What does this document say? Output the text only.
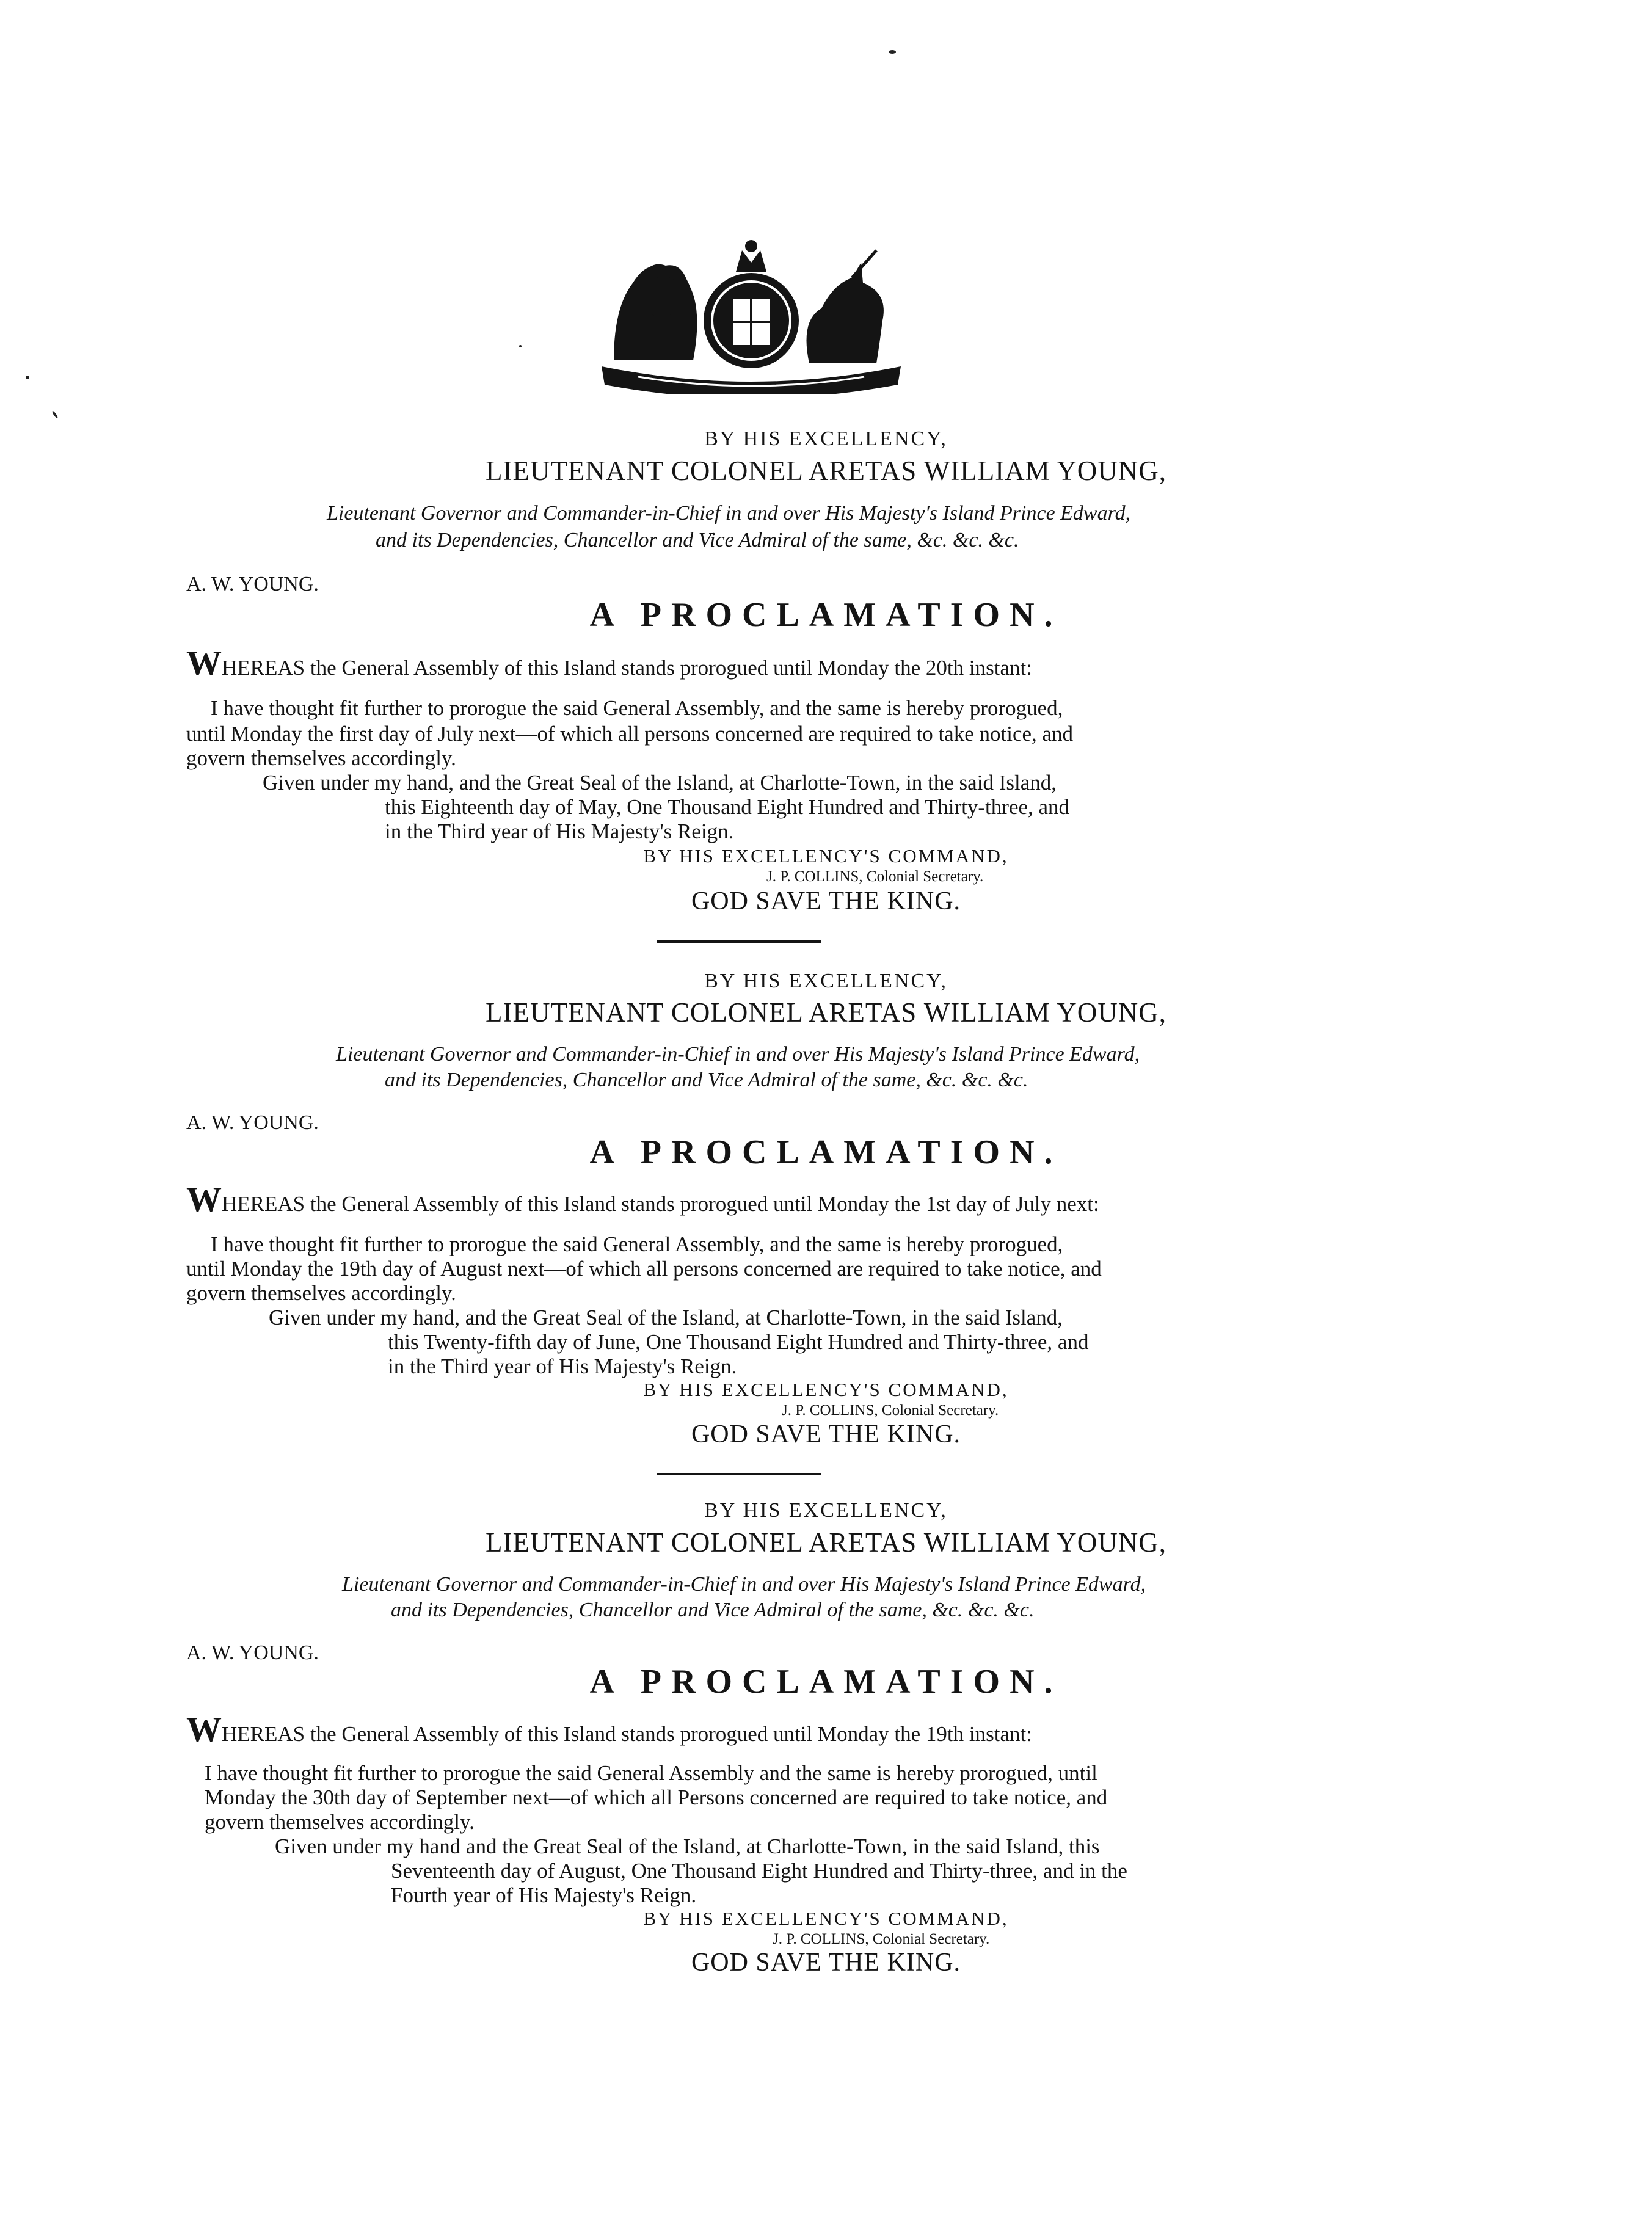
BY HIS EXCELLENCY,
LIEUTENANT COLONEL ARETAS WILLIAM YOUNG,
Lieutenant Governor and Commander-in-Chief in and over His Majesty's Island Prince Edward,
and its Dependencies, Chancellor and Vice Admiral of the same, &c. &c. &c.
A. W. YOUNG.
A PROCLAMATION.
WHEREAS the General Assembly of this Island stands prorogued until Monday the 20th instant:
I have thought fit further to prorogue the said General Assembly, and the same is hereby prorogued,
until Monday the first day of July next—of which all persons concerned are required to take notice, and
govern themselves accordingly.
Given under my hand, and the Great Seal of the Island, at Charlotte-Town, in the said Island,
this Eighteenth day of May, One Thousand Eight Hundred and Thirty-three, and
in the Third year of His Majesty's Reign.
BY HIS EXCELLENCY'S COMMAND,
J. P. COLLINS, Colonial Secretary.
GOD SAVE THE KING.
BY HIS EXCELLENCY,
LIEUTENANT COLONEL ARETAS WILLIAM YOUNG,
Lieutenant Governor and Commander-in-Chief in and over His Majesty's Island Prince Edward,
and its Dependencies, Chancellor and Vice Admiral of the same, &c. &c. &c.
A. W. YOUNG.
A PROCLAMATION.
WHEREAS the General Assembly of this Island stands prorogued until Monday the 1st day of July next:
I have thought fit further to prorogue the said General Assembly, and the same is hereby prorogued,
until Monday the 19th day of August next—of which all persons concerned are required to take notice, and
govern themselves accordingly.
Given under my hand, and the Great Seal of the Island, at Charlotte-Town, in the said Island,
this Twenty-fifth day of June, One Thousand Eight Hundred and Thirty-three, and
in the Third year of His Majesty's Reign.
BY HIS EXCELLENCY'S COMMAND,
J. P. COLLINS, Colonial Secretary.
GOD SAVE THE KING.
BY HIS EXCELLENCY,
LIEUTENANT COLONEL ARETAS WILLIAM YOUNG,
Lieutenant Governor and Commander-in-Chief in and over His Majesty's Island Prince Edward,
and its Dependencies, Chancellor and Vice Admiral of the same, &c. &c. &c.
A. W. YOUNG.
A PROCLAMATION.
WHEREAS the General Assembly of this Island stands prorogued until Monday the 19th instant:
I have thought fit further to prorogue the said General Assembly and the same is hereby prorogued, until
Monday the 30th day of September next—of which all Persons concerned are required to take notice, and
govern themselves accordingly.
Given under my hand and the Great Seal of the Island, at Charlotte-Town, in the said Island, this
Seventeenth day of August, One Thousand Eight Hundred and Thirty-three, and in the
Fourth year of His Majesty's Reign.
BY HIS EXCELLENCY'S COMMAND,
J. P. COLLINS, Colonial Secretary.
GOD SAVE THE KING.
